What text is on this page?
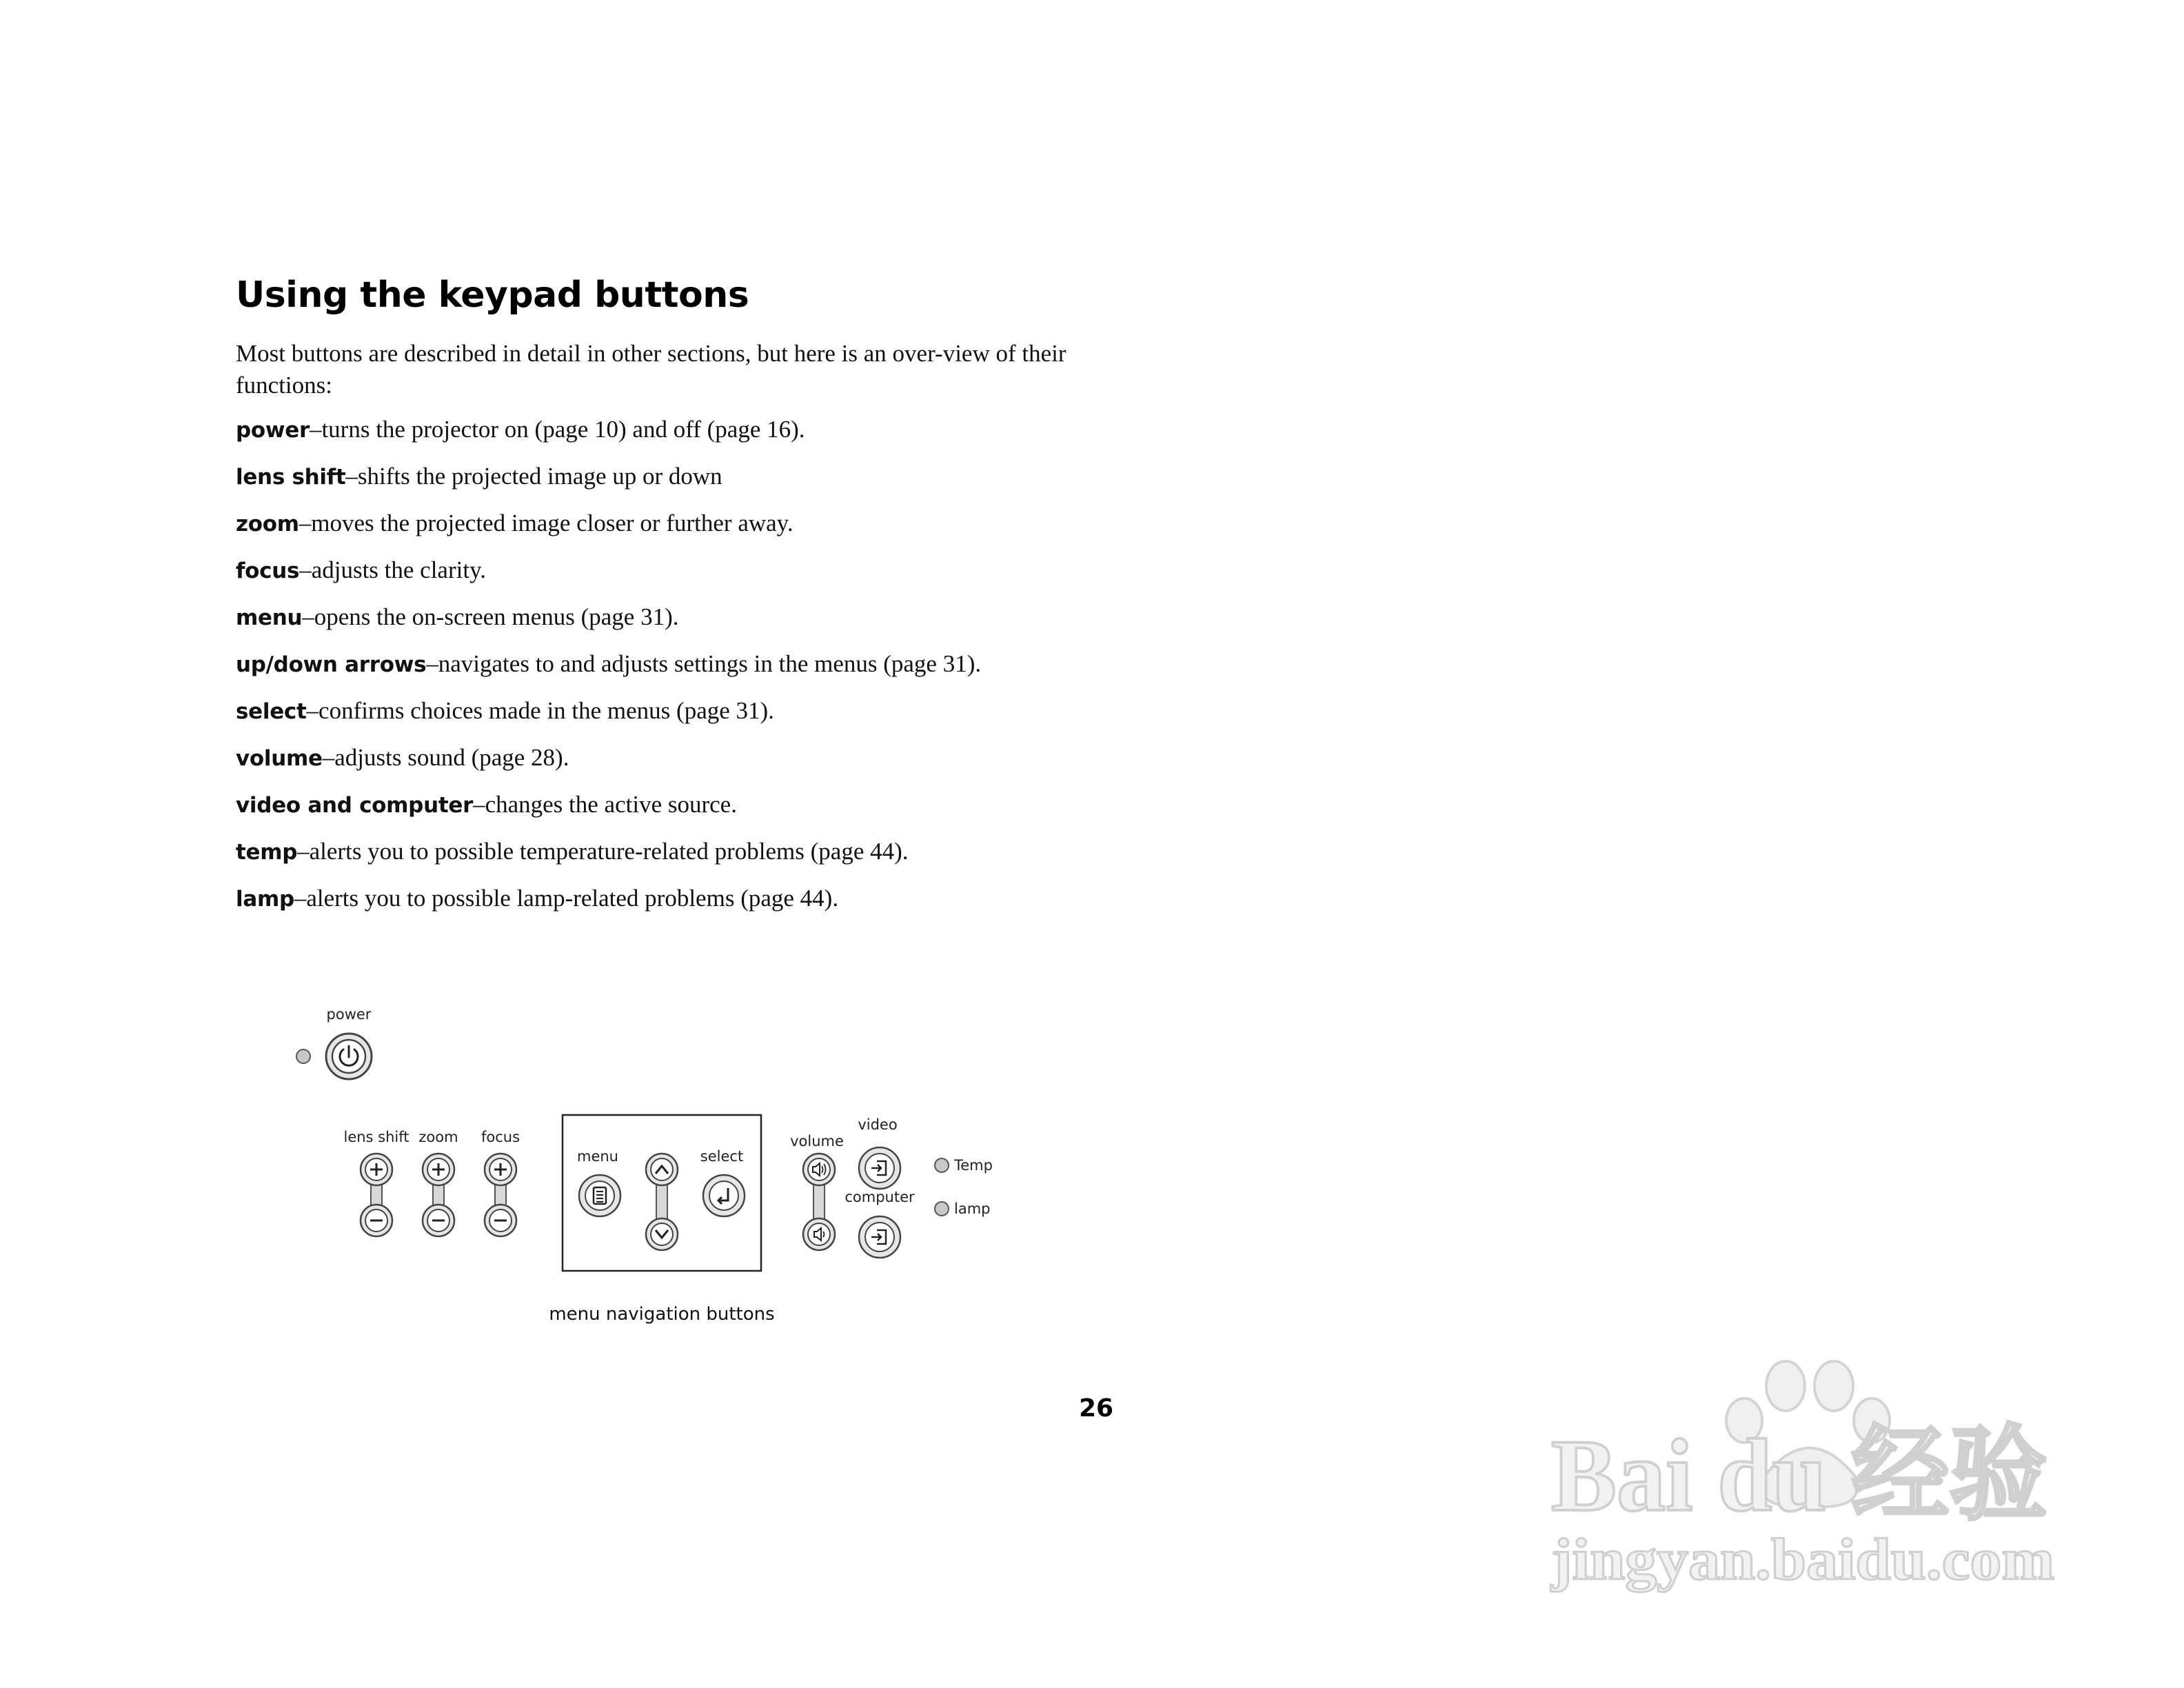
Using the keypad buttons

Most buttons are described in detail in other sections, but here is an over-view of their functions:

power–turns the projector on (page 10) and off (page 16).
lens shift–shifts the projected image up or down
zoom–moves the projected image closer or further away.
focus–adjusts the clarity.
menu–opens the on-screen menus (page 31).
up/down arrows–navigates to and adjusts settings in the menus (page 31).
select–confirms choices made in the menus (page 31).
volume–adjusts sound (page 28).
video and computer–changes the active source.
temp–alerts you to possible temperature-related problems (page 44).
lamp–alerts you to possible lamp-related problems (page 44).
power
lens shift zoom focus
menu	select
volume
video
computer
Temp
lamp
menu navigation buttons
26
Bai du 经验
jingyan.baidu.com
